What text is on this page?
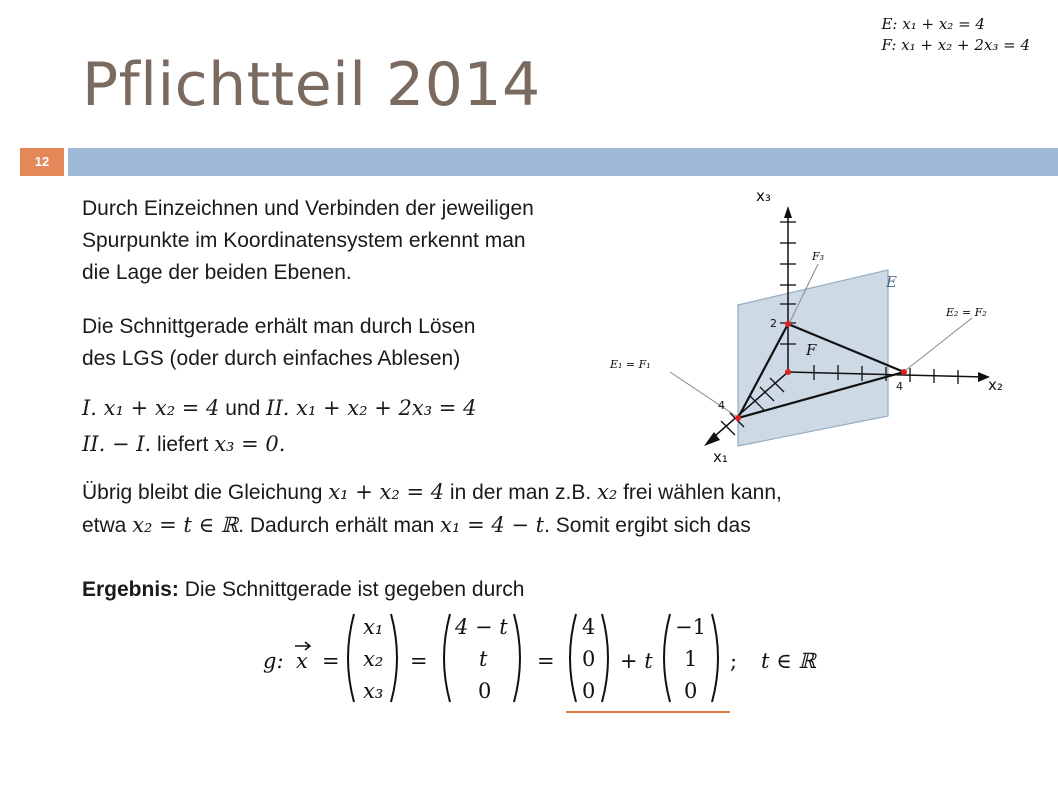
Pflichtteil 2014
E: x₁ + x₂ = 4
F: x₁ + x₂ + 2x₃ = 4
12
Durch Einzeichnen und Verbinden der jeweiligen
Spurpunkte im Koordinatensystem erkennt man
die Lage der beiden Ebenen.
Die Schnittgerade erhält man durch Lösen
des LGS (oder durch einfaches Ablesen)
I. x₁ + x₂ = 4 und II. x₁ + x₂ + 2x₃ = 4
II. − I. liefert x₃ = 0.
Übrig bleibt die Gleichung x₁ + x₂ = 4 in der man z.B. x₂ frei wählen kann,
etwa x₂ = t ∈ ℝ. Dadurch erhält man x₁ = 4 − t. Somit ergibt sich das
Ergebnis: Die Schnittgerade ist gegeben durch
g: x =
x₁
x₂
x₃
=
4 − t
t
0
=
4
0
0
+ t
−1
1
0
; t ∈ ℝ
x₃
x₂
x₁
2
4
4
E
F
F₃
E₂ = F₂
E₁ = F₁
